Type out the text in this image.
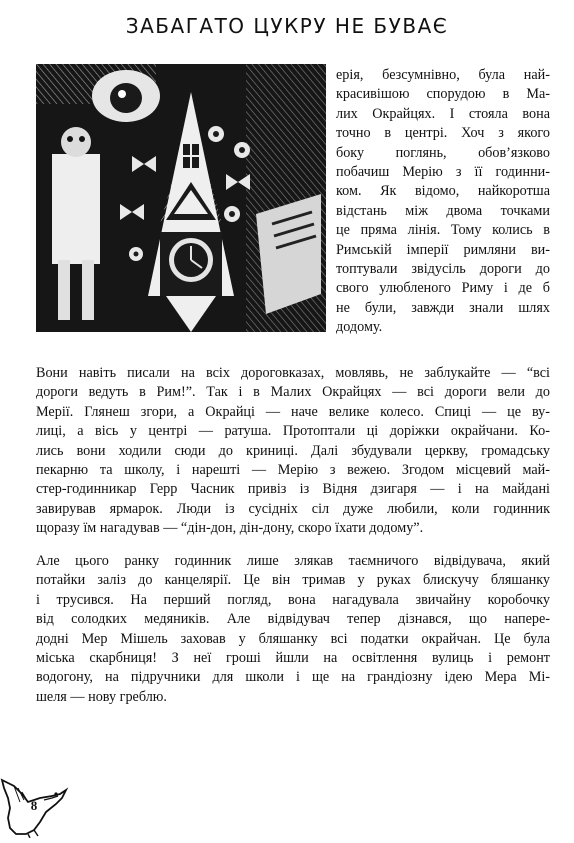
ЗАБАГАТО ЦУКРУ НЕ БУВАЄ
ерія, безсумнівно, була най-
красивішою спорудою в Ма-
лих Окрайцях. І стояла вона
точно в центрі. Хоч з якого
боку поглянь, обов’язково
побачиш Мерію з її годинни-
ком. Як відомо, найкоротша
відстань між двома точками
це пряма лінія. Тому колись в
Римській імперії римляни ви-
топтували звідусіль дороги до
свого улюбленого Риму і де б
не були, завжди знали шлях
додому.
Вони навіть писали на всіх дороговказах, мовлявь, не заблукайте — “всі
дороги ведуть в Рим!”. Так і в Малих Окрайцях — всі дороги вели до
Мерії. Глянеш згори, а Окрайці — наче велике колесо. Спиці — це ву-
лиці, а вісь у центрі — ратуша. Протоптали ці доріжки окрайчани. Ко-
лись вони ходили сюди до криниці. Далі збудували церкву, громадську
пекарню та школу, і нарешті — Мерію з вежею. Згодом місцевий май-
стер-годинникар Герр Часник привіз із Відня дзигаря — і на майдані
завирував ярмарок. Люди із сусідніх сіл дуже любили, коли годинник
щоразу їм нагадував — “дін-дон, дін-дону, скоро їхати додому”.
Але цього ранку годинник лише злякав таємничого відвідувача, який
потайки заліз до канцелярії. Це він тримав у руках блискучу бляшанку
і трусився. На перший погляд, вона нагадувала звичайну коробочку
від солодких медяників. Але відвідувач тепер дізнався, що напере-
додні Мер Мішель заховав у бляшанку всі податки окрайчан. Це була
міська скарбниця! З неї гроші йшли на освітлення вулиць і ремонт
водогону, на підручники для школи і ще на грандіозну ідею Мера Мі-
шеля — нову греблю.
8
